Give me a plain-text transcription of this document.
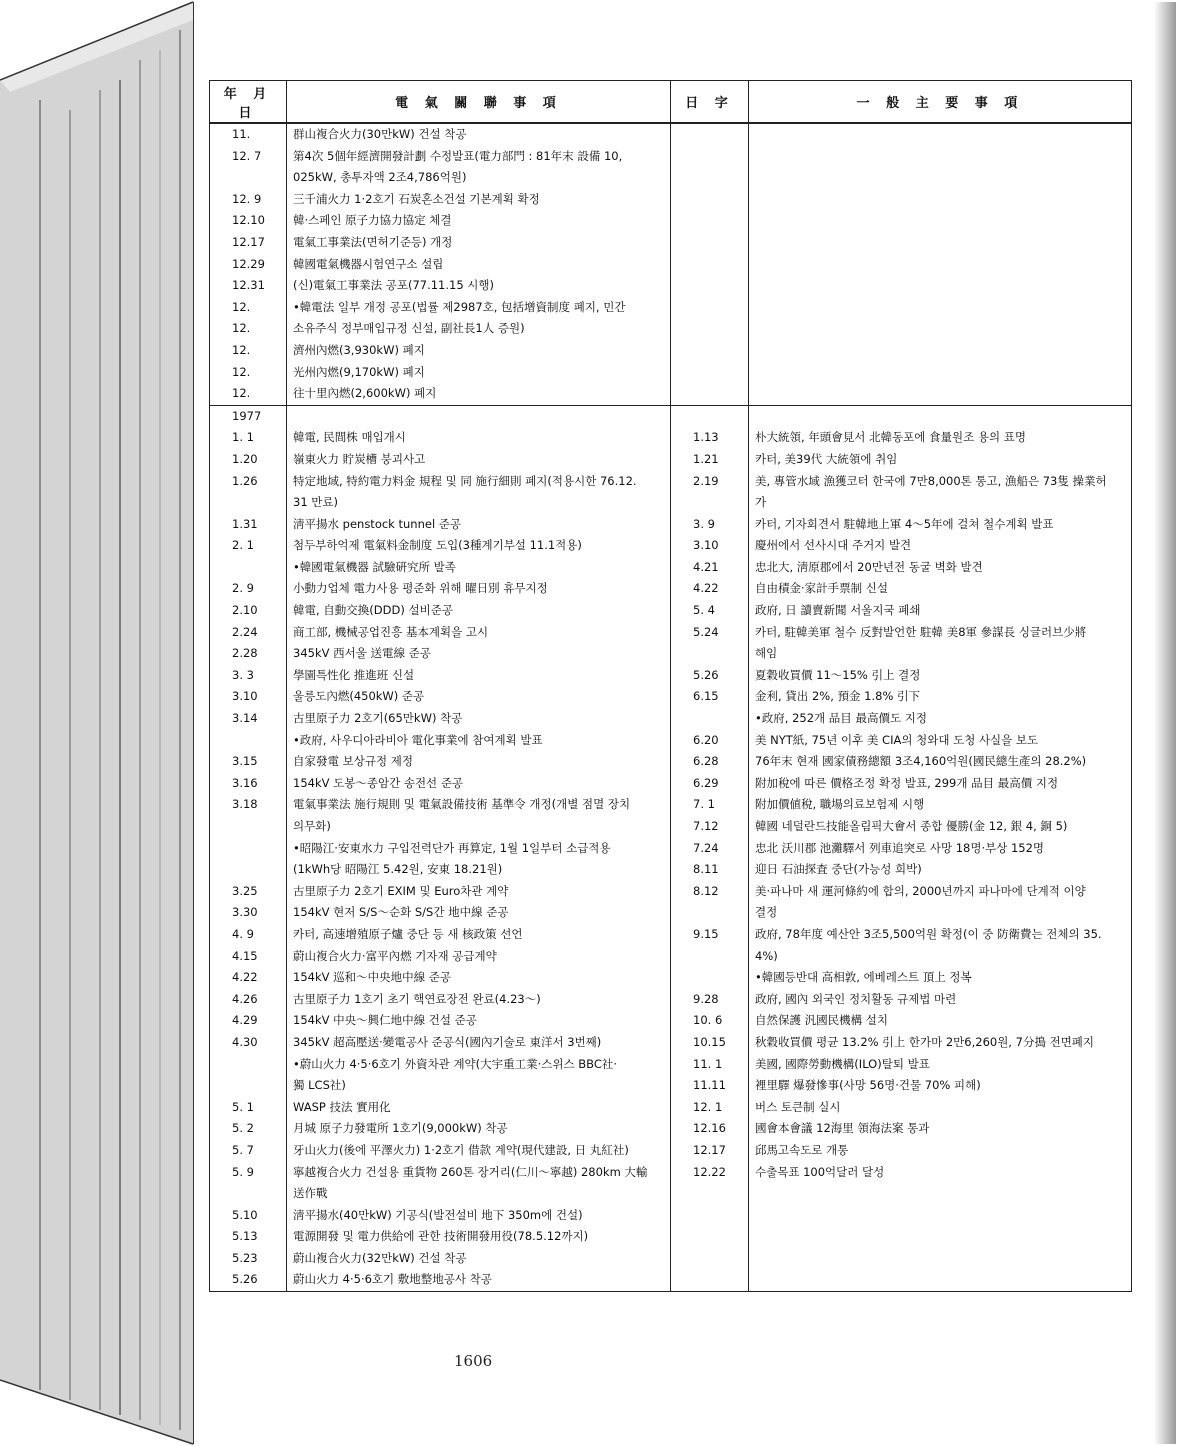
年 月 日	電 氣 關 聯 事 項	日 字	一 般 主 要 事 項
11.	群山複合火力(30만kW) 건설 착공		
12. 7	第4次 5個年經濟開發計劃 수정발표(電力部門 : 81年末 設備 10,		
	025kW, 총투자액 2조4,786억원)		
12. 9	三千浦火力 1·2호기 石炭혼소건설 기본계획 확정		
12.10	韓·스페인 原子力協力協定 체결		
12.17	電氣工事業法(면허기준등) 개정		
12.29	韓國電氣機器시험연구소 설립		
12.31	(신)電氣工事業法 공포(77.11.15 시행)		
12.	•韓電法 일부 개정 공포(법률 제2987호, 包括增資制度 폐지, 민간		
12.	소유주식 정부매입규정 신설, 副社長1人 증원)		
12.	濟州內燃(3,930kW) 폐지		
12.	光州內燃(9,170kW) 폐지		
12.	往十里內燃(2,600kW) 폐지		
1977			
1. 1	韓電, 民間株 매입개시	1.13	朴大統領, 年頭會見서 北韓동포에 食量원조 용의 표명
1.20	嶺東火力 貯炭槽 붕괴사고	1.21	카터, 美39代 大統領에 취임
1.26	特定地域, 特約電力料金 規程 및 同 施行細則 폐지(적용시한 76.12.	2.19	美, 專管水域 漁獲코터 한국에 7만8,000톤 통고, 漁船은 73隻 操業허
	31 만료)		가
1.31	淸平揚水 penstock tunnel 준공	3. 9	카터, 기자회견서 駐韓地上軍 4～5年에 걸쳐 철수계획 발표
2. 1	첨두부하억제 電氣料金制度 도입(3種계기부설 11.1적용)	3.10	慶州에서 선사시대 주거지 발견
	•韓國電氣機器 試驗硏究所 발족	4.21	忠北大, 淸原郡에서 20만년전 동굴 벽화 발견
2. 9	小動力업체 電力사용 평준화 위해 曜日別 휴무지정	4.22	自由積金·家計手票制 신설
2.10	韓電, 自動交換(DDD) 설비준공	5. 4	政府, 日 讀賣新聞 서울지국 폐쇄
2.24	商工部, 機械공업진흥 基本계획을 고시	5.24	카터, 駐韓美軍 철수 反對발언한 駐韓 美8軍 參謀長 싱글러브少將
2.28	345kV 西서울 送電線 준공		해임
3. 3	學園특性化 推進班 신설	5.26	夏穀收買價 11～15% 引上 결정
3.10	울릉도內燃(450kW) 준공	6.15	金利, 貸出 2%, 預金 1.8% 引下
3.14	古里原子力 2호기(65만kW) 착공		•政府, 252개 品目 最高價도 지정
	•政府, 사우디아라비아 電化事業에 참여계획 발표	6.20	美 NYT紙, 75년 이후 美 CIA의 청와대 도청 사실을 보도
3.15	自家發電 보상규정 제정	6.28	76年末 현재 國家債務總額 3조4,160억원(國民總生產의 28.2%)
3.16	154kV 도봉～종암간 송전선 준공	6.29	附加稅에 따른 價格조정 확정 발표, 299개 品目 最高價 지정
3.18	電氣事業法 施行規則 및 電氣設備技術 基準令 개정(개별 점멸 장치	7. 1	附加價値稅, 職場의료보험제 시행
	의무화)	7.12	韓國 네덜란드技能올림픽大會서 종합 優勝(金 12, 銀 4, 銅 5)
	•昭陽江·安東水力 구입전력단가 再算定, 1월 1일부터 소급적용	7.24	忠北 沃川郡 池灘驛서 列車追突로 사망 18명·부상 152명
	(1kWh당 昭陽江 5.42원, 安東 18.21원)	8.11	迎日 石油探査 중단(가능성 희박)
3.25	古里原子力 2호기 EXIM 및 Euro차관 계약	8.12	美·파나마 새 運河條約에 합의, 2000년까지 파나마에 단계적 이양
3.30	154kV 현저 S/S～순화 S/S간 地中線 준공		결정
4. 9	카터, 高速增殖原子爐 중단 등 새 核政策 선언	9.15	政府, 78年度 예산안 3조5,500억원 확정(이 중 防衛費는 전체의 35.
4.15	蔚山複合火力·富平內燃 기자재 공급계약		4%)
4.22	154kV 巡和～中央地中線 준공		•韓國등반대 高相敦, 에베레스트 頂上 정복
4.26	古里原子力 1호기 초기 핵연료장전 완료(4.23～)	9.28	政府, 國內 외국인 정치활동 규제법 마련
4.29	154kV 中央～興仁地中線 건설 준공	10. 6	自然保護 汎國民機構 설치
4.30	345kV 超高壓送·變電공사 준공식(國內기술로 東洋서 3번째)	10.15	秋穀收買價 평균 13.2% 引上 한가마 2만6,260원, 7分搗 전면폐지
	•蔚山火力 4·5·6호기 外資차관 계약(大宇重工業·스위스 BBC社·	11. 1	美國, 國際勞動機構(ILO)탈퇴 발표
	獨 LCS社)	11.11	裡里驛 爆發慘事(사망 56명·건물 70% 피해)
5. 1	WASP 技法 實用化	12. 1	버스 토큰制 실시
5. 2	月城 原子力發電所 1호기(9,000kW) 착공	12.16	國會本會議 12海里 領海法案 통과
5. 7	牙山火力(後에 平澤火力) 1·2호기 借款 계약(現代建設, 日 丸紅社)	12.17	邱馬고속도로 개통
5. 9	寧越複合火力 건설용 重貨物 260톤 장거리(仁川～寧越) 280km 大輸	12.22	수출목표 100억달러 달성
	送作戰		
5.10	淸平揚水(40만kW) 기공식(발전설비 地下 350m에 건설)		
5.13	電源開發 및 電力供給에 관한 技術開發用役(78.5.12까지)		
5.23	蔚山複合火力(32만kW) 건설 착공		
5.26	蔚山火力 4·5·6호기 敷地整地공사 착공		
1606
